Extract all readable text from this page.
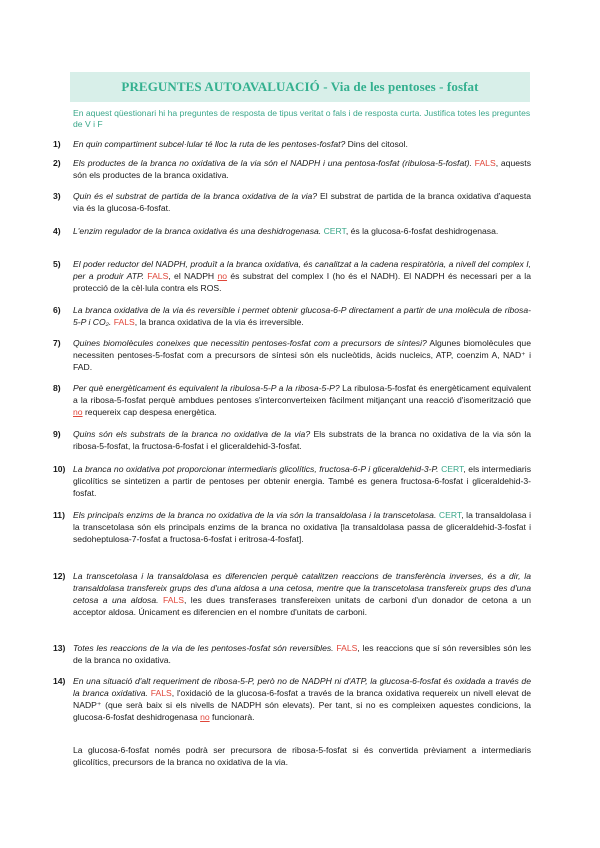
PREGUNTES AUTOAVALUACIÓ - Via de les pentoses - fosfat
En aquest qüestionari hi ha preguntes de resposta de tipus veritat o fals i de resposta curta. Justifica totes les preguntes de V i F
1)	En quin compartiment subcel·lular té lloc la ruta de les pentoses-fosfat? Dins del citosol.
2)	Els productes de la branca no oxidativa de la via són el NADPH i una pentosa-fosfat (ribulosa-5-fosfat). FALS, aquests són els productes de la branca oxidativa.
3)	Quin és el substrat de partida de la branca oxidativa de la via? El substrat de partida de la branca oxidativa d'aquesta via és la glucosa-6-fosfat.
4)	L'enzim regulador de la branca oxidativa és una deshidrogenasa. CERT, és la glucosa-6-fosfat deshidrogenasa.
5)	El poder reductor del NADPH, produït a la branca oxidativa, és canalitzat a la cadena respiratòria, a nivell del complex I, per a produir ATP. FALS, el NADPH no és substrat del complex I (ho és el NADH). El NADPH és necessari per a la protecció de la cèl·lula contra els ROS.
6)	La branca oxidativa de la via és reversible i permet obtenir glucosa-6-P directament a partir de una molècula de ribosa-5-P i CO₂. FALS, la branca oxidativa de la via és irreversible.
7)	Quines biomolècules coneixes que necessitin pentoses-fosfat com a precursors de síntesi? Algunes biomolècules que necessiten pentoses-5-fosfat com a precursors de síntesi són els nucleòtids, àcids nucleics, ATP, coenzim A, NAD⁺ i FAD.
8)	Per què energèticament és equivalent la ribulosa-5-P a la ribosa-5-P? La ribulosa-5-fosfat és energèticament equivalent a la ribosa-5-fosfat perquè ambdues pentoses s'interconverteixen fàcilment mitjançant una reacció d'isomerització que no requereix cap despesa energètica.
9)	Quins són els substrats de la branca no oxidativa de la via? Els substrats de la branca no oxidativa de la via són la ribosa-5-fosfat, la fructosa-6-fosfat i el gliceraldehid-3-fosfat.
10) La branca no oxidativa pot proporcionar intermediaris glicolítics, fructosa-6-P i gliceraldehid-3-P. CERT, els intermediaris glicolítics se sintetizen a partir de pentoses per obtenir energia. També es genera fructosa-6-fosfat i gliceraldehid-3-fosfat.
11) Els principals enzims de la branca no oxidativa de la via són la transaldolasa i la transcetolasa. CERT, la transaldolasa i la transcetolasa són els principals enzims de la branca no oxidativa [la transaldolasa passa de gliceraldehid-3-fosfat i sedoheptulosa-7-fosfat a fructosa-6-fosfat i eritrosa-4-fosfat].
12) La transcetolasa i la transaldolasa es diferencien perquè catalitzen reaccions de transferència inverses, és a dir, la transaldolasa transfereix grups des d'una aldosa a una cetosa, mentre que la transcetolasa transfereix grups des d'una cetosa a una aldosa. FALS, les dues transferases transfereixen unitats de carboni d'un donador de cetona a un acceptor aldosa. Únicament es diferencien en el nombre d'unitats de carboni.
13) Totes les reaccions de la via de les pentoses-fosfat són reversibles. FALS, les reaccions que sí són reversibles són les de la branca no oxidativa.
14) En una situació d'alt requeriment de ribosa-5-P, però no de NADPH ni d'ATP, la glucosa-6-fosfat és oxidada a través de la branca oxidativa. FALS, l'oxidació de la glucosa-6-fosfat a través de la branca oxidativa requereix un nivell elevat de NADP⁺ (que serà baix si els nivells de NADPH són elevats). Per tant, si no es compleixen aquestes condicions, la glucosa-6-fosfat deshidrogenasa no funcionarà.
La glucosa-6-fosfat només podrà ser precursora de ribosa-5-fosfat si és convertida prèviament a intermediaris glicolítics, precursors de la branca no oxidativa de la via.
